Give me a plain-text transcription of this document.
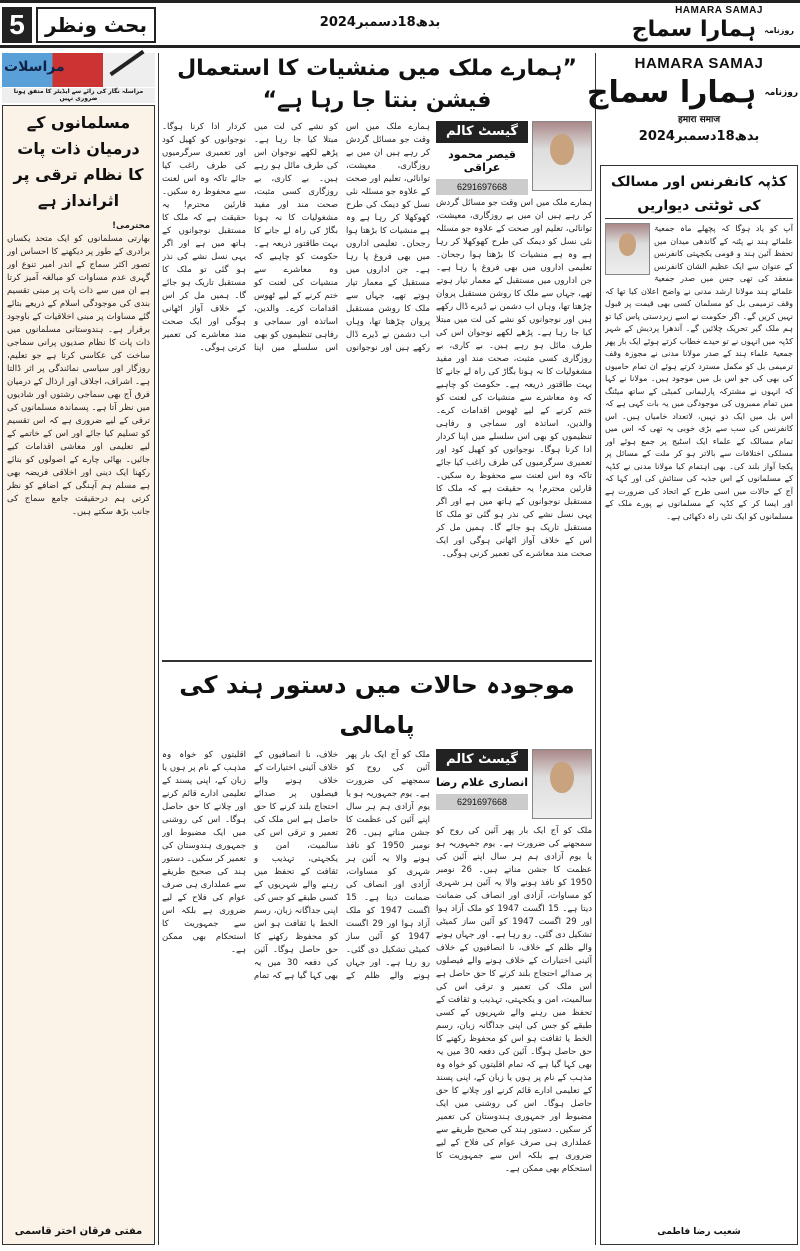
5	بحث ونظر	بدھ18دسمبر2024
HAMARA SAMAJ
روزنامہ ہمارا سماج
مراسلات
مراسلہ نگار کی رائے سے ایڈیٹر کا متفق ہونا ضروری نہیں
مسلمانوں کے درمیان ذات پات کا نظام ترقی پر اثرانداز ہے
محترمی!
بھارتی مسلمانوں کو ایک متحد یکساں برادری کے طور پر دیکھنے کا احساس اور تصور اکثر سماج کے اندر امیر تنوع اور گہری عدم مساوات کو مبالغہ آمیز کرتا ہے ان میں سے ذات پات پر مبنی تقسیم بندی کی موجودگی اسلام کے ذریعے بتائے گئے مساوات پر مبنی اخلاقیات کے باوجود برقرار ہے۔ ہندوستانی مسلمانوں میں ذات پات کا نظام صدیوں پرانی سماجی ساخت کی عکاسی کرتا ہے جو تعلیم، روزگار اور سیاسی نمائندگی پر اثر ڈالتا ہے۔ اشراف، اجلاف اور ارذال کے درمیان فرق آج بھی سماجی رشتوں اور شادیوں میں نظر آتا ہے۔ پسماندہ مسلمانوں کی ترقی کے لیے ضروری ہے کہ اس تقسیم کو تسلیم کیا جائے اور اس کے خاتمے کے لیے تعلیمی اور معاشی اقدامات کیے جائیں۔ بھائی چارے کے اصولوں کو بنائے رکھنا ایک دینی اور اخلاقی فریضہ بھی ہے مسلم ہم آہنگی کے اضافے کو نظر کرتی ہم درحقیقت جامع سماج کی جانب بڑھ سکتے ہیں۔
مفتی فرقان اختر قاسمی
”ہمارے ملک میں منشیات کا استعمال فیشن بنتا جا رہا ہے“
گیسٹ کالم
قیصر محمود عراقی
6291697668
ہمارے ملک میں اس وقت جو مسائل گردش کر رہے ہیں ان میں بے روزگاری، معیشت، توانائی، تعلیم اور صحت کے علاوہ جو مسئلہ نئی نسل کو دیمک کی طرح کھوکھلا کر رہا ہے وہ ہے منشیات کا بڑھتا ہوا رجحان۔ تعلیمی اداروں میں بھی فروغ پا رہا ہے۔ جن اداروں میں مستقبل کے معمار تیار ہوتے تھے، جہاں سے ملک کا روشن مستقبل پروان چڑھتا تھا، وہاں اب دشمن نے ڈیرے ڈال رکھے ہیں اور نوجوانوں کو نشے کی لت میں مبتلا کیا جا رہا ہے۔ پڑھے لکھے نوجوان اس کی طرف مائل ہو رہے ہیں۔ بے کاری، بے روزگاری کسی مثبت، صحت مند اور مفید مشغولیات کا نہ ہونا بگاڑ کی راہ لے جانے کا بہت طاقتور ذریعہ ہے۔ حکومت کو چاہیے کہ وہ معاشرے سے منشیات کی لعنت کو ختم کرنے کے لیے ٹھوس اقدامات کرے۔ والدین، اساتذہ اور سماجی و رفاہی تنظیموں کو بھی اس سلسلے میں اپنا کردار ادا کرنا ہوگا۔ نوجوانوں کو کھیل کود اور تعمیری سرگرمیوں کی طرف راغب کیا جائے تاکہ وہ اس لعنت سے محفوظ رہ سکیں۔ قارئین محترم! یہ حقیقت ہے کہ ملک کا مستقبل نوجوانوں کے ہاتھ میں ہے اور اگر یہی نسل نشے کی نذر ہو گئی تو ملک کا مستقبل تاریک ہو جائے گا۔ ہمیں مل کر اس کے خلاف آواز اٹھانی ہوگی اور ایک صحت مند معاشرے کی تعمیر کرنی ہوگی۔
ہمارے ملک میں اس وقت جو مسائل گردش کر رہے ہیں ان میں بے روزگاری، معیشت، توانائی، تعلیم اور صحت کے علاوہ جو مسئلہ نئی نسل کو دیمک کی طرح کھوکھلا کر رہا ہے وہ ہے منشیات کا بڑھتا ہوا رجحان۔ تعلیمی اداروں میں بھی فروغ پا رہا ہے۔ جن اداروں میں مستقبل کے معمار تیار ہوتے تھے، جہاں سے ملک کا روشن مستقبل پروان چڑھتا تھا، وہاں اب دشمن نے ڈیرے ڈال رکھے ہیں اور نوجوانوں کو نشے کی لت میں مبتلا کیا جا رہا ہے۔ پڑھے لکھے نوجوان اس کی طرف مائل ہو رہے ہیں۔ بے کاری، بے روزگاری کسی مثبت، صحت مند اور مفید مشغولیات کا نہ ہونا بگاڑ کی راہ لے جانے کا بہت طاقتور ذریعہ ہے۔ حکومت کو چاہیے کہ وہ معاشرے سے منشیات کی لعنت کو ختم کرنے کے لیے ٹھوس اقدامات کرے۔ والدین، اساتذہ اور سماجی و رفاہی تنظیموں کو بھی اس سلسلے میں اپنا کردار ادا کرنا ہوگا۔ نوجوانوں کو کھیل کود اور تعمیری سرگرمیوں کی طرف راغب کیا جائے تاکہ وہ اس لعنت سے محفوظ رہ سکیں۔ قارئین محترم! یہ حقیقت ہے کہ ملک کا مستقبل نوجوانوں کے ہاتھ میں ہے اور اگر یہی نسل نشے کی نذر ہو گئی تو ملک کا مستقبل تاریک ہو جائے گا۔ ہمیں مل کر اس کے خلاف آواز اٹھانی ہوگی اور ایک صحت مند معاشرے کی تعمیر کرنی ہوگی۔
موجودہ حالات میں دستور ہند کی پامالی
گیسٹ کالم
انصاری غلام رضا
6291697668
ملک کو آج ایک بار پھر آئین کی روح کو سمجھنے کی ضرورت ہے۔ یوم جمہوریہ ہو یا یوم آزادی ہم ہر سال اپنے آئین کی عظمت کا جشن مناتے ہیں۔ 26 نومبر 1950 کو نافذ ہونے والا یہ آئین ہر شہری کو مساوات، آزادی اور انصاف کی ضمانت دیتا ہے۔ 15 اگست 1947 کو ملک آزاد ہوا اور 29 اگست 1947 کو آئین ساز کمیٹی تشکیل دی گئی۔ رو رہا ہے۔ اور جہاں ہونے والے ظلم کے خلاف، نا انصافیوں کے خلاف آئینی اختیارات کے خلاف ہونے والے فیصلوں پر صدائے احتجاج بلند کرنے کا حق حاصل ہے اس ملک کی تعمیر و ترقی اس کی سالمیت، امن و یکجہتی، تہذیب و ثقافت کے تحفظ میں رہنے والے شہریوں کے کسی طبقے کو جس کی اپنی جداگانہ زبان، رسم الخط یا ثقافت ہو اس کو محفوظ رکھنے کا حق حاصل ہوگا۔ آئین کی دفعہ 30 میں یہ بھی کہا گیا ہے کہ تمام اقلیتوں کو خواہ وہ مذہب کے نام پر ہوں یا زبان کے، اپنی پسند کے تعلیمی ادارے قائم کرنے اور چلانے کا حق حاصل ہوگا۔ اس کی روشنی میں ایک مضبوط اور جمہوری ہندوستان کی تعمیر کر سکیں۔ دستور ہند کی صحیح طریقے سے عملداری ہی صرف عوام کی فلاح کے لیے ضروری ہے بلکہ اس سے جمہوریت کا استحکام بھی ممکن ہے۔
ملک کو آج ایک بار پھر آئین کی روح کو سمجھنے کی ضرورت ہے۔ یوم جمہوریہ ہو یا یوم آزادی ہم ہر سال اپنے آئین کی عظمت کا جشن مناتے ہیں۔ 26 نومبر 1950 کو نافذ ہونے والا یہ آئین ہر شہری کو مساوات، آزادی اور انصاف کی ضمانت دیتا ہے۔ 15 اگست 1947 کو ملک آزاد ہوا اور 29 اگست 1947 کو آئین ساز کمیٹی تشکیل دی گئی۔ رو رہا ہے۔ اور جہاں ہونے والے ظلم کے خلاف، نا انصافیوں کے خلاف آئینی اختیارات کے خلاف ہونے والے فیصلوں پر صدائے احتجاج بلند کرنے کا حق حاصل ہے اس ملک کی تعمیر و ترقی اس کی سالمیت، امن و یکجہتی، تہذیب و ثقافت کے تحفظ میں رہنے والے شہریوں کے کسی طبقے کو جس کی اپنی جداگانہ زبان، رسم الخط یا ثقافت ہو اس کو محفوظ رکھنے کا حق حاصل ہوگا۔ آئین کی دفعہ 30 میں یہ بھی کہا گیا ہے کہ تمام اقلیتوں کو خواہ وہ مذہب کے نام پر ہوں یا زبان کے، اپنی پسند کے تعلیمی ادارے قائم کرنے اور چلانے کا حق حاصل ہوگا۔ اس کی روشنی میں ایک مضبوط اور جمہوری ہندوستان کی تعمیر کر سکیں۔ دستور ہند کی صحیح طریقے سے عملداری ہی صرف عوام کی فلاح کے لیے ضروری ہے بلکہ اس سے جمہوریت کا استحکام بھی ممکن ہے۔
HAMARA SAMAJ
روزنامہ ہمارا سماج
हमारा समाज
بدھ18دسمبر2024
کڈپہ کانفرنس اور مسالک کی ٹوٹتی دیواریں
آپ کو یاد ہوگا کہ پچھلے ماہ جمعیۃ علمائے ہند نے پٹنہ کے گاندھی میدان میں تحفظ آئین ہند و قومی یکجہتی کانفرنس کے عنوان سے ایک عظیم الشان کانفرنس منعقد کی تھی جس میں صدر جمعیۃ علمائے ہند مولانا ارشد مدنی نے واضح اعلان کیا تھا کہ وقف ترمیمی بل کو مسلمان کسی بھی قیمت پر قبول نہیں کریں گے۔ اگر حکومت نے اسے زبردستی پاس کیا تو ہم ملک گیر تحریک چلائیں گے۔ آندھرا پردیش کے شہر کڈپہ میں انہوں نے تو حیدے خطاب کرتے ہوئے ایک بار پھر جمعیۃ علماء ہند کے صدر مولانا مدنی نے مجوزہ وقف ترمیمی بل کو مکمل مسترد کرتے ہوئے ان تمام حامیوں کی بھی کی جو اس بل میں موجود ہیں۔ مولانا نے کہا کہ انہوں نے مشترکہ پارلیمانی کمیٹی کے ساتھ میٹنگ میں تمام ممبروں کی موجودگی میں یہ بات کہی ہے کہ اس بل میں ایک دو نہیں، لاتعداد خامیاں ہیں۔ اس کانفرنس کی سب سے بڑی خوبی یہ تھی کہ اس میں تمام مسالک کے علماء ایک اسٹیج پر جمع ہوئے اور مسلکی اختلافات سے بالاتر ہو کر ملت کے مسائل پر یکجا آواز بلند کی۔ بھی اہتمام کیا مولانا مدنی نے کڈپہ کے مسلمانوں کے اس جذبہ کی ستائش کی اور کہا کہ آج کے حالات میں اسی طرح کے اتحاد کی ضرورت ہے اور ایسا کر کے کڈپہ کے مسلمانوں نے پورے ملک کے مسلمانوں کو ایک نئی راہ دکھائی ہے۔
شعیب رضا فاطمی
